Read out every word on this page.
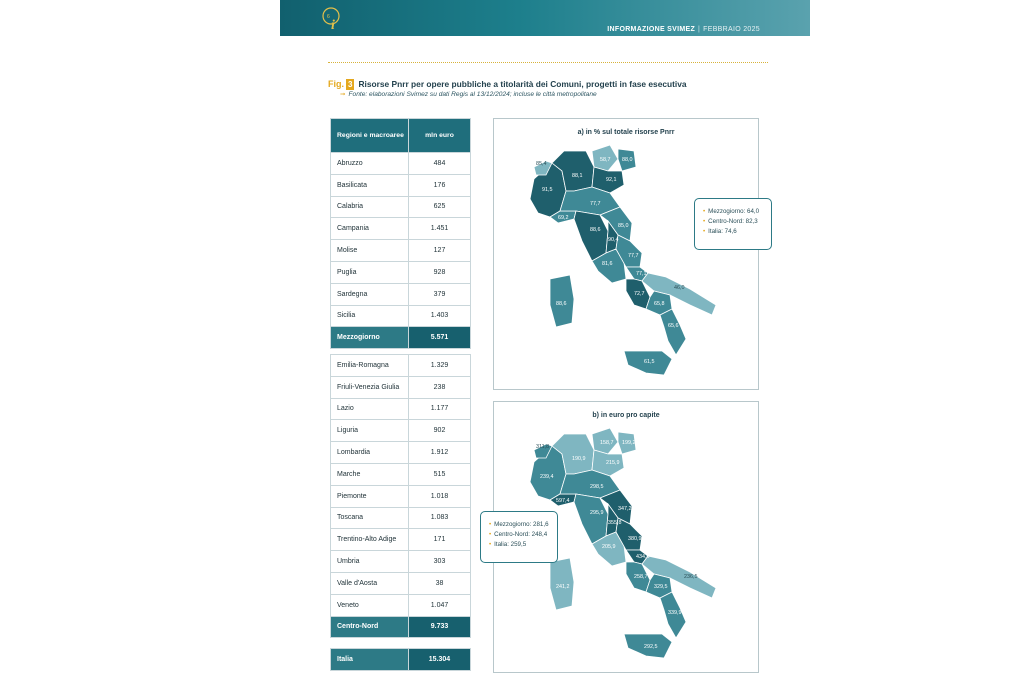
6
i	INFORMAZIONE SVIMEZ | FEBBRAIO 2025
Fig. 3 Risorse Pnrr per opere pubbliche a titolarità dei Comuni, progetti in fase esecutiva
➞ Fonte: elaborazioni Svimez su dati Regis al 13/12/2024; incluse le città metropolitane
Regioni e macroaree	mln euro
Abruzzo	484
Basilicata	176
Calabria	625
Campania	1.451
Molise	127
Puglia	928
Sardegna	379
Sicilia	1.403
Mezzogiorno	5.571
Emilia-Romagna	1.329
Friuli-Venezia Giulia	238
Lazio	1.177
Liguria	902
Lombardia	1.912
Marche	515
Piemonte	1.018
Toscana	1.083
Trentino-Alto Adige	171
Umbria	303
Valle d'Aosta	38
Veneto	1.047
Centro-Nord	9.733
Italia	15.304
a) in % sul totale risorse Pnrr
85,4
58,7 88,0
88,1
92,1
91,5
69,2
77,7
88,6
90,4
85,0
81,6
77,7
77,1
72,7
46,0
65,8
65,6
88,6
61,5
• Mezzogiorno: 64,0
• Centro-Nord: 82,3
• Italia: 74,6
b) in euro pro capite
311,8
158,7 199,2
190,9
215,9
239,4
597,4
298,5
295,9
355,8
347,2
205,9
380,9
434,6
258,7	236,5
329,5
339,9
241,2
292,5
• Mezzogiorno: 281,6
• Centro-Nord: 248,4
• Italia: 259,5
